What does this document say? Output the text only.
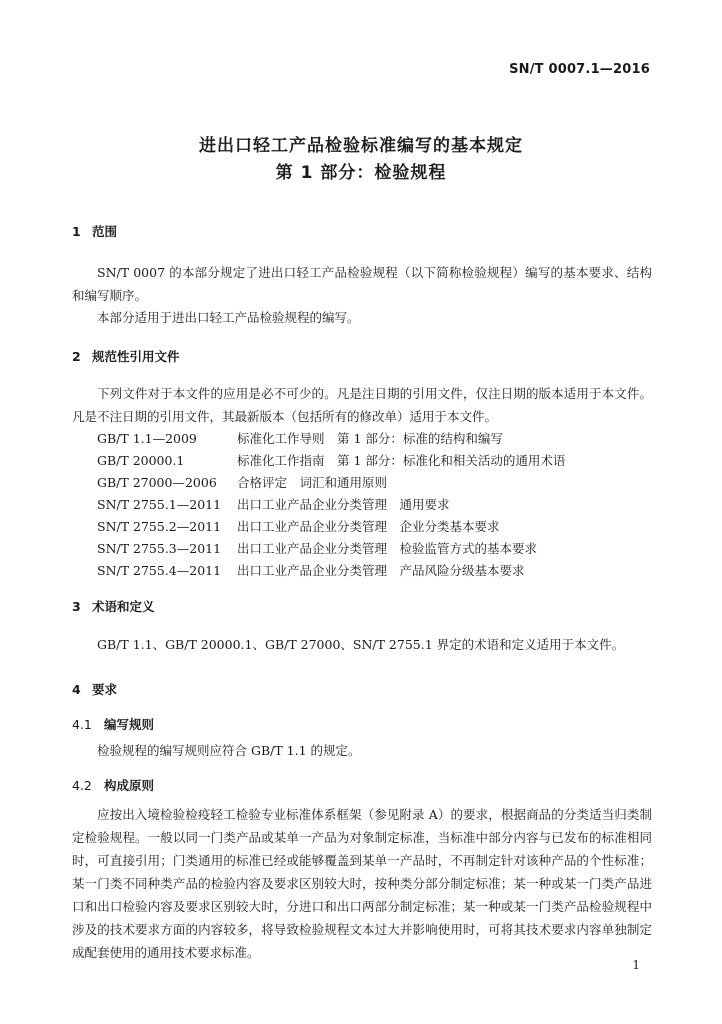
SN/T 0007.1—2016
进出口轻工产品检验标准编写的基本规定
第 1 部分：检验规程
1 范围
SN/T 0007 的本部分规定了进出口轻工产品检验规程（以下简称检验规程）编写的基本要求、结构和编写顺序。
本部分适用于进出口轻工产品检验规程的编写。
2 规范性引用文件
下列文件对于本文件的应用是必不可少的。凡是注日期的引用文件，仅注日期的版本适用于本文件。凡是不注日期的引用文件，其最新版本（包括所有的修改单）适用于本文件。
GB/T 1.1—2009	标准化工作导则　第 1 部分：标准的结构和编写
GB/T 20000.1	标准化工作指南　第 1 部分：标准化和相关活动的通用术语
GB/T 27000—2006 合格评定　词汇和通用原则
SN/T 2755.1—2011 出口工业产品企业分类管理　通用要求
SN/T 2755.2—2011 出口工业产品企业分类管理　企业分类基本要求
SN/T 2755.3—2011 出口工业产品企业分类管理　检验监管方式的基本要求
SN/T 2755.4—2011 出口工业产品企业分类管理　产品风险分级基本要求
3 术语和定义
GB/T 1.1、GB/T 20000.1、GB/T 27000、SN/T 2755.1 界定的术语和定义适用于本文件。
4 要求
4.1 编写规则
检验规程的编写规则应符合 GB/T 1.1 的规定。
4.2 构成原则
应按出入境检验检疫轻工检验专业标准体系框架（参见附录 A）的要求，根据商品的分类适当归类制定检验规程。一般以同一门类产品或某单一产品为对象制定标准，当标准中部分内容与已发布的标准相同时，可直接引用；门类通用的标准已经或能够覆盖到某单一产品时，不再制定针对该种产品的个性标准；某一门类不同种类产品的检验内容及要求区别较大时，按种类分部分制定标准；某一种或某一门类产品进口和出口检验内容及要求区别较大时，分进口和出口两部分制定标准；某一种或某一门类产品检验规程中涉及的技术要求方面的内容较多，将导致检验规程文本过大并影响使用时，可将其技术要求内容单独制定成配套使用的通用技术要求标准。
1
